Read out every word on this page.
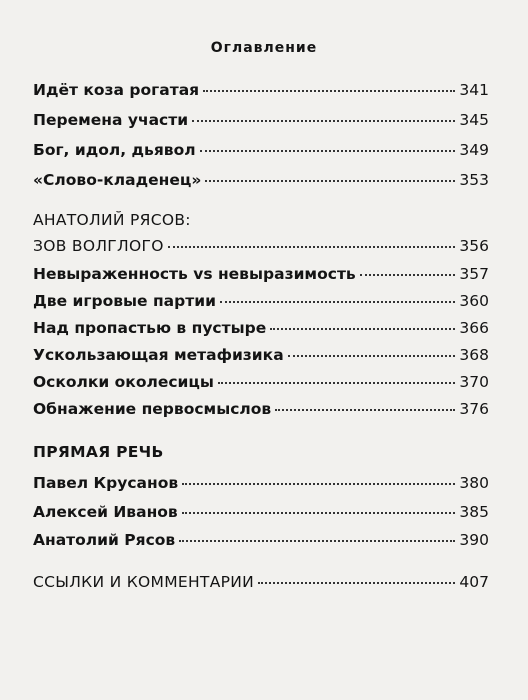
Оглавление
Идёт коза рогатая	341
Перемена участи	345
Бог, идол, дьявол	349
«Слово-кладенец»	353
АНАТОЛИЙ РЯСОВ:
ЗОВ ВОЛГЛОГО	356
Невыраженность vs невыразимость	357
Две игровые партии	360
Над пропастью в пустыре	366
Ускользающая метафизика	368
Осколки околесицы	370
Обнажение первосмыслов	376
ПРЯМАЯ РЕЧЬ
Павел Крусанов	380
Алексей Иванов	385
Анатолий Рясов	390
ССЫЛКИ И КОММЕНТАРИИ	407
